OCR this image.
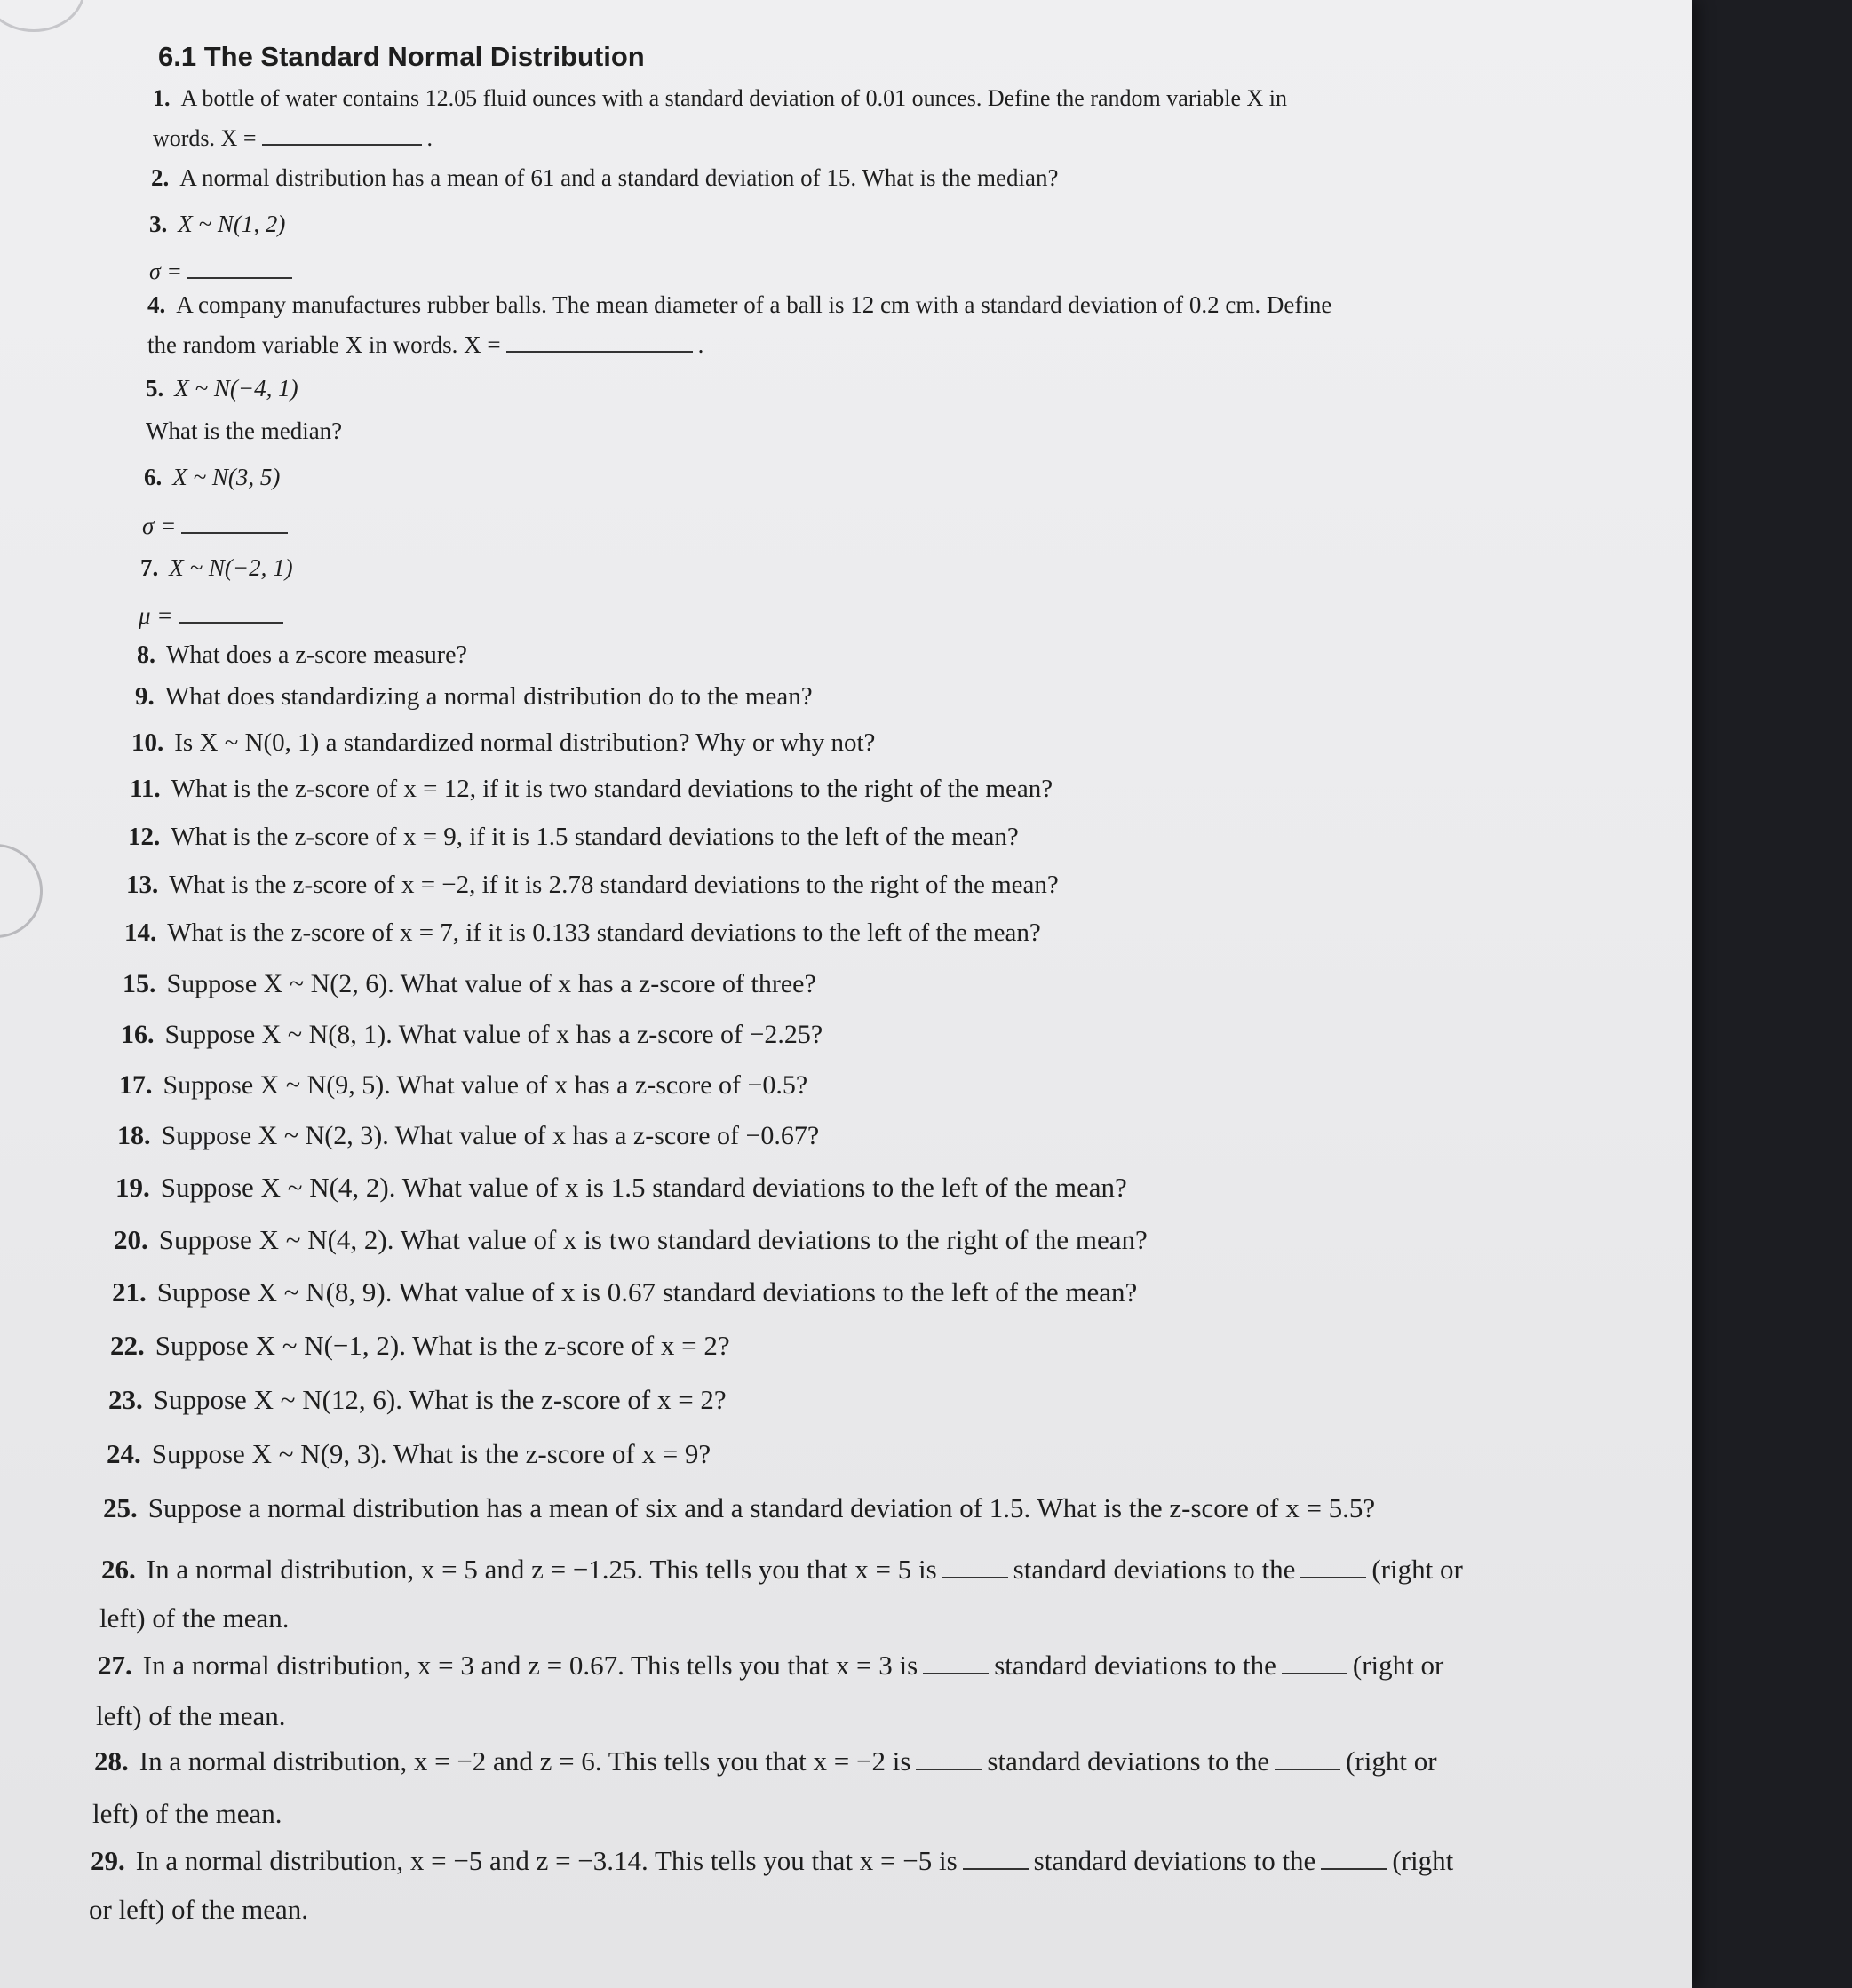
6.1 The Standard Normal Distribution
1. A bottle of water contains 12.05 fluid ounces with a standard deviation of 0.01 ounces. Define the random variable X in
words. X =	.
2. A normal distribution has a mean of 61 and a standard deviation of 15. What is the median?
3. X ~ N(1, 2)
σ =
4. A company manufactures rubber balls. The mean diameter of a ball is 12 cm with a standard deviation of 0.2 cm. Define
the random variable X in words. X =	.
5. X ~ N(−4, 1)
What is the median?
6. X ~ N(3, 5)
σ =
7. X ~ N(−2, 1)
μ =
8. What does a z-score measure?
9. What does standardizing a normal distribution do to the mean?
10. Is X ~ N(0, 1) a standardized normal distribution? Why or why not?
11. What is the z-score of x = 12, if it is two standard deviations to the right of the mean?
12. What is the z-score of x = 9, if it is 1.5 standard deviations to the left of the mean?
13. What is the z-score of x = −2, if it is 2.78 standard deviations to the right of the mean?
14. What is the z-score of x = 7, if it is 0.133 standard deviations to the left of the mean?
15. Suppose X ~ N(2, 6). What value of x has a z-score of three?
16. Suppose X ~ N(8, 1). What value of x has a z-score of −2.25?
17. Suppose X ~ N(9, 5). What value of x has a z-score of −0.5?
18. Suppose X ~ N(2, 3). What value of x has a z-score of −0.67?
19. Suppose X ~ N(4, 2). What value of x is 1.5 standard deviations to the left of the mean?
20. Suppose X ~ N(4, 2). What value of x is two standard deviations to the right of the mean?
21. Suppose X ~ N(8, 9). What value of x is 0.67 standard deviations to the left of the mean?
22. Suppose X ~ N(−1, 2). What is the z-score of x = 2?
23. Suppose X ~ N(12, 6). What is the z-score of x = 2?
24. Suppose X ~ N(9, 3). What is the z-score of x = 9?
25. Suppose a normal distribution has a mean of six and a standard deviation of 1.5. What is the z-score of x = 5.5?
26. In a normal distribution, x = 5 and z = −1.25. This tells you that x = 5 is	standard deviations to the	(right or
left) of the mean.
27. In a normal distribution, x = 3 and z = 0.67. This tells you that x = 3 is	standard deviations to the	(right or
left) of the mean.
28. In a normal distribution, x = −2 and z = 6. This tells you that x = −2 is	standard deviations to the	(right or
left) of the mean.
29. In a normal distribution, x = −5 and z = −3.14. This tells you that x = −5 is	standard deviations to the	(right
or left) of the mean.
